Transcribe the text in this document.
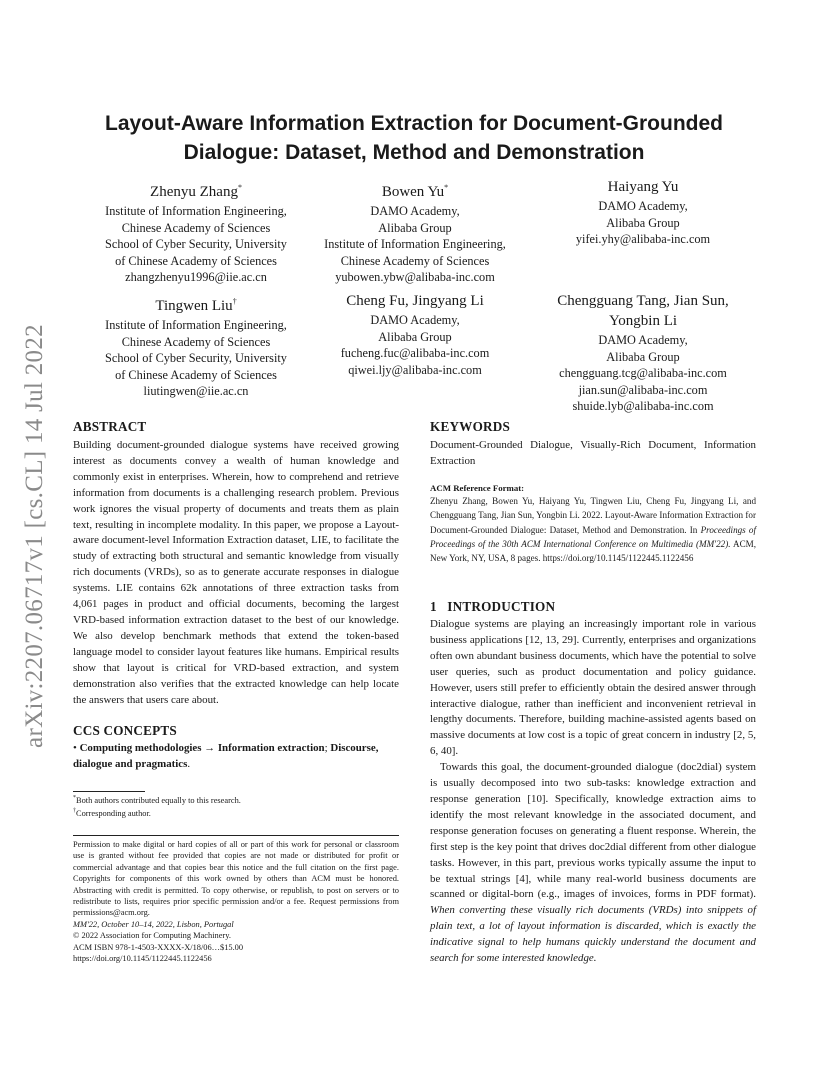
arXiv:2207.06717v1 [cs.CL] 14 Jul 2022
Layout-Aware Information Extraction for Document-Grounded
Dialogue: Dataset, Method and Demonstration
Zhenyu Zhang*
Institute of Information Engineering,
Chinese Academy of Sciences
School of Cyber Security, University
of Chinese Academy of Sciences
zhangzhenyu1996@iie.ac.cn
Bowen Yu*
DAMO Academy,
Alibaba Group
Institute of Information Engineering,
Chinese Academy of Sciences
yubowen.ybw@alibaba-inc.com
Haiyang Yu
DAMO Academy,
Alibaba Group
yifei.yhy@alibaba-inc.com
Tingwen Liu†
Institute of Information Engineering,
Chinese Academy of Sciences
School of Cyber Security, University
of Chinese Academy of Sciences
liutingwen@iie.ac.cn
Cheng Fu, Jingyang Li
DAMO Academy,
Alibaba Group
fucheng.fuc@alibaba-inc.com
qiwei.ljy@alibaba-inc.com
Chengguang Tang, Jian Sun,
Yongbin Li
DAMO Academy,
Alibaba Group
chengguang.tcg@alibaba-inc.com
jian.sun@alibaba-inc.com
shuide.lyb@alibaba-inc.com
ABSTRACT

Building document-grounded dialogue systems have received growing interest as documents convey a wealth of human knowledge and commonly exist in enterprises. Wherein, how to comprehend and retrieve information from documents is a challenging research problem. Previous work ignores the visual property of documents and treats them as plain text, resulting in incomplete modality. In this paper, we propose a Layout-aware document-level Information Extraction dataset, LIE, to facilitate the study of extracting both structural and semantic knowledge from visually rich documents (VRDs), so as to generate accurate responses in dialogue systems. LIE contains 62k annotations of three extraction tasks from 4,061 pages in product and official documents, becoming the largest VRD-based information extraction dataset to the best of our knowledge. We also develop benchmark methods that extend the token-based language model to consider layout features like humans. Empirical results show that layout is critical for VRD-based extraction, and system demonstration also verifies that the extracted knowledge can help locate the answers that users care about.

CCS CONCEPTS

• Computing methodologies → Information extraction; Discourse, dialogue and pragmatics.

*Both authors contributed equally to this research.

†Corresponding author.

Permission to make digital or hard copies of all or part of this work for personal or classroom use is granted without fee provided that copies are not made or distributed for profit or commercial advantage and that copies bear this notice and the full citation on the first page. Copyrights for components of this work owned by others than ACM must be honored. Abstracting with credit is permitted. To copy otherwise, or republish, to post on servers or to redistribute to lists, requires prior specific permission and/or a fee. Request permissions from permissions@acm.org.

MM'22, October 10–14, 2022, Lisbon, Portugal

© 2022 Association for Computing Machinery.

ACM ISBN 978-1-4503-XXXX-X/18/06…$15.00

https://doi.org/10.1145/1122445.1122456

KEYWORDS

Document-Grounded Dialogue, Visually-Rich Document, Information Extraction

ACM Reference Format:

Zhenyu Zhang, Bowen Yu, Haiyang Yu, Tingwen Liu, Cheng Fu, Jingyang Li, and Chengguang Tang, Jian Sun, Yongbin Li. 2022. Layout-Aware Information Extraction for Document-Grounded Dialogue: Dataset, Method and Demonstration. In Proceedings of Proceedings of the 30th ACM International Conference on Multimedia (MM'22). ACM, New York, NY, USA, 8 pages. https://doi.org/10.1145/1122445.1122456

1 INTRODUCTION

Dialogue systems are playing an increasingly important role in various business applications [12, 13, 29]. Currently, enterprises and organizations often own abundant business documents, which have the potential to solve user queries, such as product documentation and policy guidance. However, users still prefer to efficiently obtain the desired answer through interactive dialogue, rather than inefficient and inconvenient retrieval in lengthy documents. Therefore, building machine-assisted agents based on massive documents at low cost is a topic of great concern in industry [2, 5, 6, 40].

Towards this goal, the document-grounded dialogue (doc2dial) system is usually decomposed into two sub-tasks: knowledge extraction and response generation [10]. Specifically, knowledge extraction aims to identify the most relevant knowledge in the associated document, and response generation focuses on generating a fluent response. Wherein, the first step is the key point that drives doc2dial different from other dialogue tasks. However, in this part, previous works typically assume the input to be textual strings [4], while many real-world business documents are scanned or digital-born (e.g., images of invoices, forms in PDF format). When converting these visually rich documents (VRDs) into snippets of plain text, a lot of layout information is discarded, which is exactly the indicative signal to help humans quickly understand the document and search for some interested knowledge.
